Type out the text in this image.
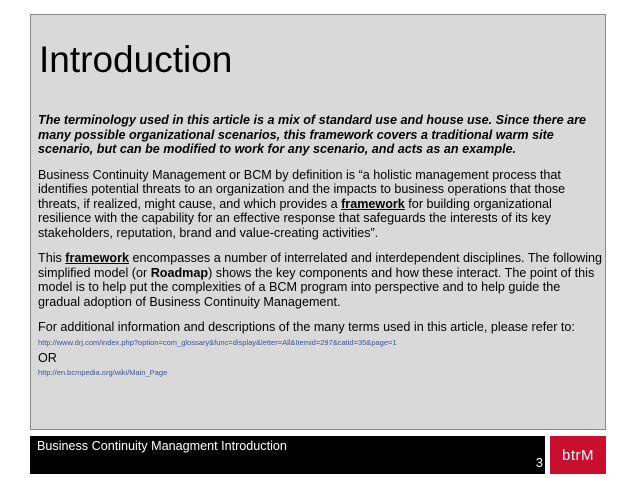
Introduction

The terminology used in this article is a mix of standard use and house use. Since there are many possible organizational scenarios, this framework covers a traditional warm site scenario, but can be modified to work for any scenario, and acts as an example.

Business Continuity Management or BCM by definition is “a holistic management process that identifies potential threats to an organization and the impacts to business operations that those threats, if realized, might cause, and which provides a framework for building organizational resilience with the capability for an effective response that safeguards the interests of its key stakeholders, reputation, brand and value-creating activities”.

This framework encompasses a number of interrelated and interdependent disciplines. The following simplified model (or Roadmap) shows the key components and how these interact. The point of this model is to help put the complexities of a BCM program into perspective and to help guide the gradual adoption of Business Continuity Management.

For additional information and descriptions of the many terms used in this article, please refer to:

http://www.drj.com/index.php?option=com_glossary&func=display&letter=All&Itemid=297&catid=35&page=1

OR

http://en.bcmpedia.org/wiki/Main_Page
Business Continuity Managment Introduction
3 btrM
